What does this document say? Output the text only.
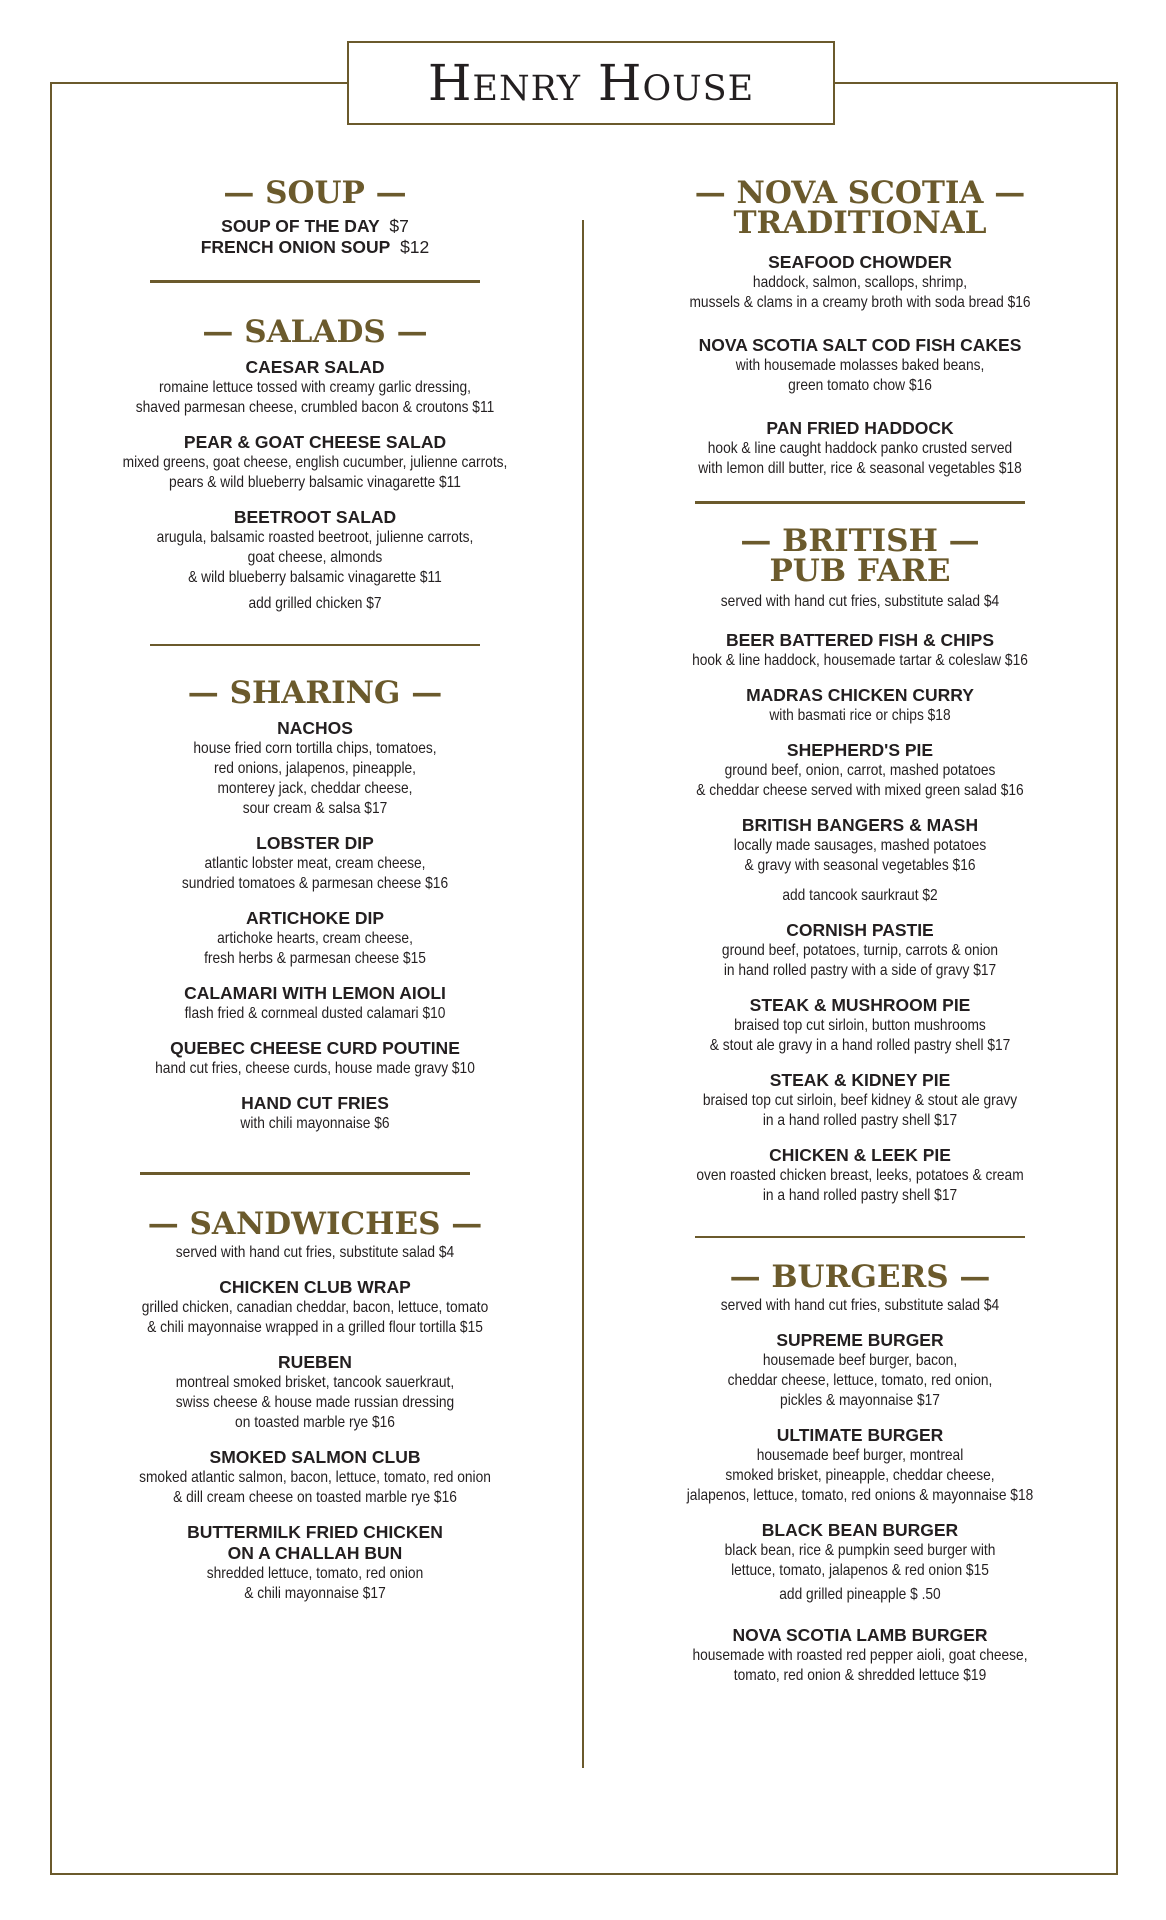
Henry House
— SOUP —
SOUP OF THE DAY $7
FRENCH ONION SOUP $12
— SALADS —
CAESAR SALAD
romaine lettuce tossed with creamy garlic dressing,
shaved parmesan cheese, crumbled bacon & croutons $11
PEAR & GOAT CHEESE SALAD
mixed greens, goat cheese, english cucumber, julienne carrots,
pears & wild blueberry balsamic vinagarette $11
BEETROOT SALAD
arugula, balsamic roasted beetroot, julienne carrots,
goat cheese, almonds
& wild blueberry balsamic vinagarette $11
add grilled chicken $7
— SHARING —
NACHOS
house fried corn tortilla chips, tomatoes,
red onions, jalapenos, pineapple,
monterey jack, cheddar cheese,
sour cream & salsa $17
LOBSTER DIP
atlantic lobster meat, cream cheese,
sundried tomatoes & parmesan cheese $16
ARTICHOKE DIP
artichoke hearts, cream cheese,
fresh herbs & parmesan cheese $15
CALAMARI WITH LEMON AIOLI
flash fried & cornmeal dusted calamari $10
QUEBEC CHEESE CURD POUTINE
hand cut fries, cheese curds, house made gravy $10
HAND CUT FRIES
with chili mayonnaise $6
— SANDWICHES —
served with hand cut fries, substitute salad $4
CHICKEN CLUB WRAP
grilled chicken, canadian cheddar, bacon, lettuce, tomato
& chili mayonnaise wrapped in a grilled flour tortilla $15
RUEBEN
montreal smoked brisket, tancook sauerkraut,
swiss cheese & house made russian dressing
on toasted marble rye $16
SMOKED SALMON CLUB
smoked atlantic salmon, bacon, lettuce, tomato, red onion
& dill cream cheese on toasted marble rye $16
BUTTERMILK FRIED CHICKEN
ON A CHALLAH BUN
shredded lettuce, tomato, red onion
& chili mayonnaise $17
— NOVA SCOTIA —
TRADITIONAL
SEAFOOD CHOWDER
haddock, salmon, scallops, shrimp,
mussels & clams in a creamy broth with soda bread $16
NOVA SCOTIA SALT COD FISH CAKES
with housemade molasses baked beans,
green tomato chow $16
PAN FRIED HADDOCK
hook & line caught haddock panko crusted served
with lemon dill butter, rice & seasonal vegetables $18
— BRITISH —
PUB FARE
served with hand cut fries, substitute salad $4
BEER BATTERED FISH & CHIPS
hook & line haddock, housemade tartar & coleslaw $16
MADRAS CHICKEN CURRY
with basmati rice or chips $18
SHEPHERD'S PIE
ground beef, onion, carrot, mashed potatoes
& cheddar cheese served with mixed green salad $16
BRITISH BANGERS & MASH
locally made sausages, mashed potatoes
& gravy with seasonal vegetables $16
add tancook saurkraut $2
CORNISH PASTIE
ground beef, potatoes, turnip, carrots & onion
in hand rolled pastry with a side of gravy $17
STEAK & MUSHROOM PIE
braised top cut sirloin, button mushrooms
& stout ale gravy in a hand rolled pastry shell $17
STEAK & KIDNEY PIE
braised top cut sirloin, beef kidney & stout ale gravy
in a hand rolled pastry shell $17
CHICKEN & LEEK PIE
oven roasted chicken breast, leeks, potatoes & cream
in a hand rolled pastry shell $17
— BURGERS —
served with hand cut fries, substitute salad $4
SUPREME BURGER
housemade beef burger, bacon,
cheddar cheese, lettuce, tomato, red onion,
pickles & mayonnaise $17
ULTIMATE BURGER
housemade beef burger, montreal
smoked brisket, pineapple, cheddar cheese,
jalapenos, lettuce, tomato, red onions & mayonnaise $18
BLACK BEAN BURGER
black bean, rice & pumpkin seed burger with
lettuce, tomato, jalapenos & red onion $15
add grilled pineapple $ .50
NOVA SCOTIA LAMB BURGER
housemade with roasted red pepper aioli, goat cheese,
tomato, red onion & shredded lettuce $19
